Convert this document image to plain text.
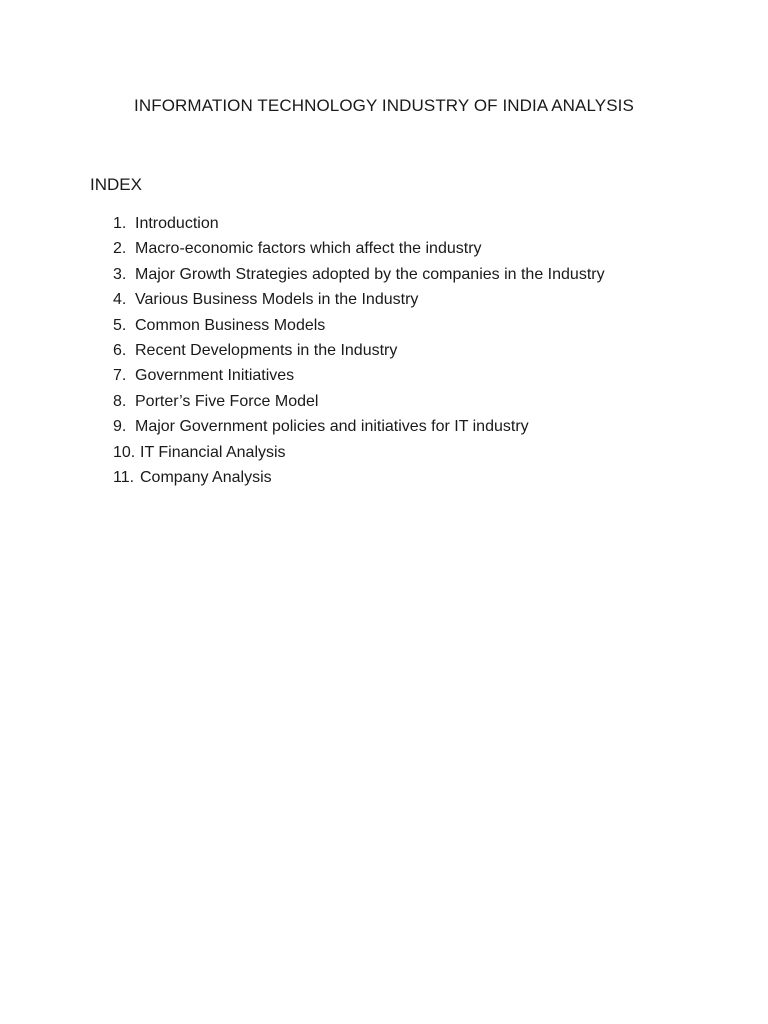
INFORMATION TECHNOLOGY INDUSTRY OF INDIA ANALYSIS
INDEX
1. Introduction
2. Macro-economic factors which affect the industry
3. Major Growth Strategies adopted by the companies in the Industry
4. Various Business Models in the Industry
5. Common Business Models
6. Recent Developments in the Industry
7. Government Initiatives
8. Porter’s Five Force Model
9. Major Government policies and initiatives for IT industry
10. IT Financial Analysis
11. Company Analysis
